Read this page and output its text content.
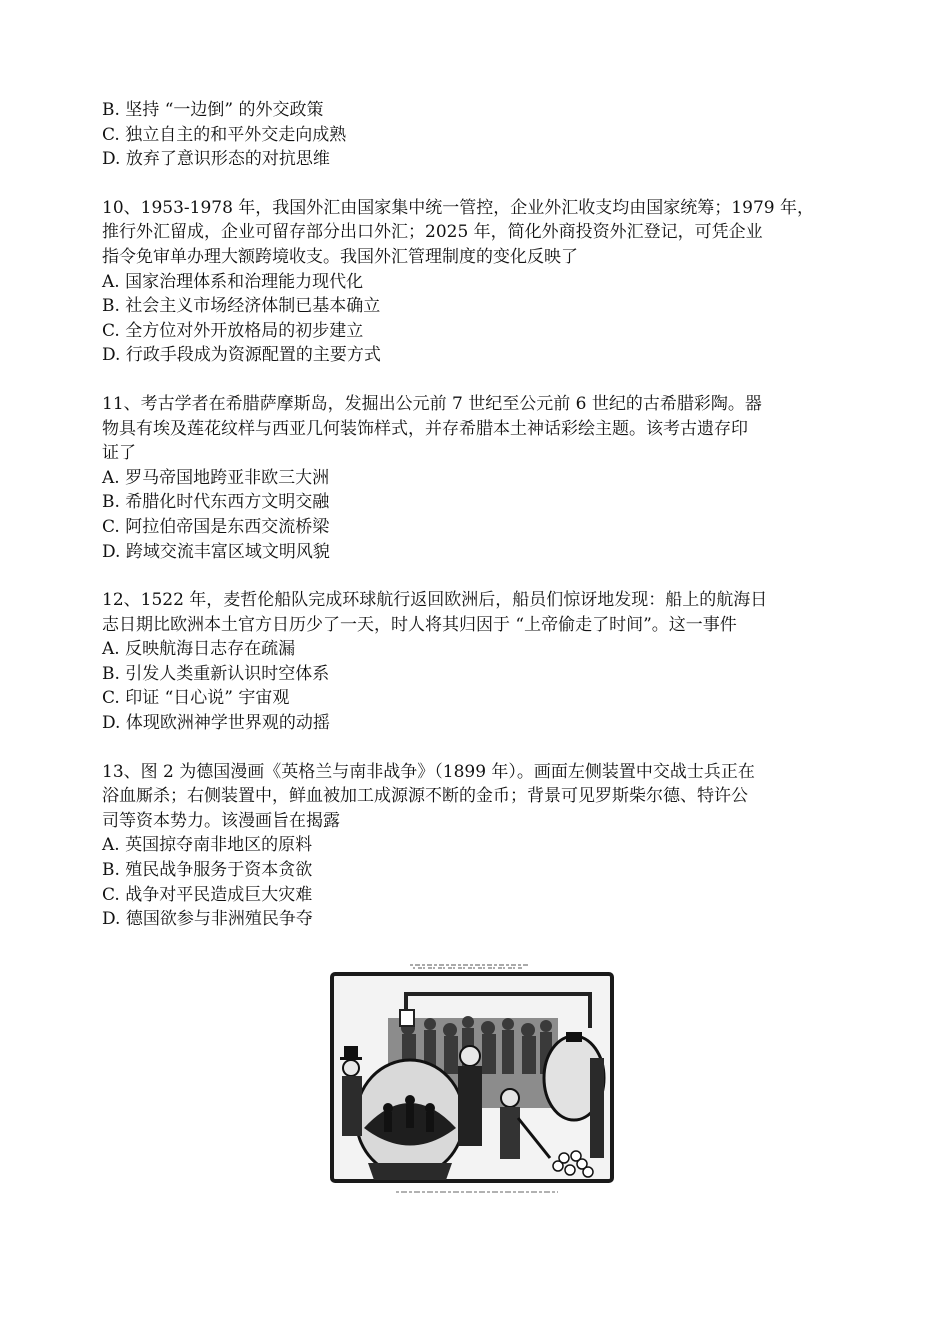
B. 坚持 “一边倒” 的外交政策
C. 独立自主的和平外交走向成熟
D. 放弃了意识形态的对抗思维
10、1953-1978 年，我国外汇由国家集中统一管控，企业外汇收支均由国家统筹；1979 年，
推行外汇留成，企业可留存部分出口外汇；2025 年，简化外商投资外汇登记，可凭企业
指令免审单办理大额跨境收支。我国外汇管理制度的变化反映了
A. 国家治理体系和治理能力现代化
B. 社会主义市场经济体制已基本确立
C. 全方位对外开放格局的初步建立
D. 行政手段成为资源配置的主要方式
11、考古学者在希腊萨摩斯岛，发掘出公元前 7 世纪至公元前 6 世纪的古希腊彩陶。器
物具有埃及莲花纹样与西亚几何装饰样式，并存希腊本土神话彩绘主题。该考古遗存印
证了
A. 罗马帝国地跨亚非欧三大洲
B. 希腊化时代东西方文明交融
C. 阿拉伯帝国是东西交流桥梁
D. 跨域交流丰富区域文明风貌
12、1522 年，麦哲伦船队完成环球航行返回欧洲后，船员们惊讶地发现：船上的航海日
志日期比欧洲本土官方日历少了一天，时人将其归因于 “上帝偷走了时间”。这一事件
A. 反映航海日志存在疏漏
B. 引发人类重新认识时空体系
C. 印证 “日心说” 宇宙观
D. 体现欧洲神学世界观的动摇
13、图 2 为德国漫画《英格兰与南非战争》（1899 年）。画面左侧装置中交战士兵正在
浴血厮杀；右侧装置中，鲜血被加工成源源不断的金币；背景可见罗斯柴尔德、特许公
司等资本势力。该漫画旨在揭露
A. 英国掠夺南非地区的原料
B. 殖民战争服务于资本贪欲
C. 战争对平民造成巨大灾难
D. 德国欲参与非洲殖民争夺
